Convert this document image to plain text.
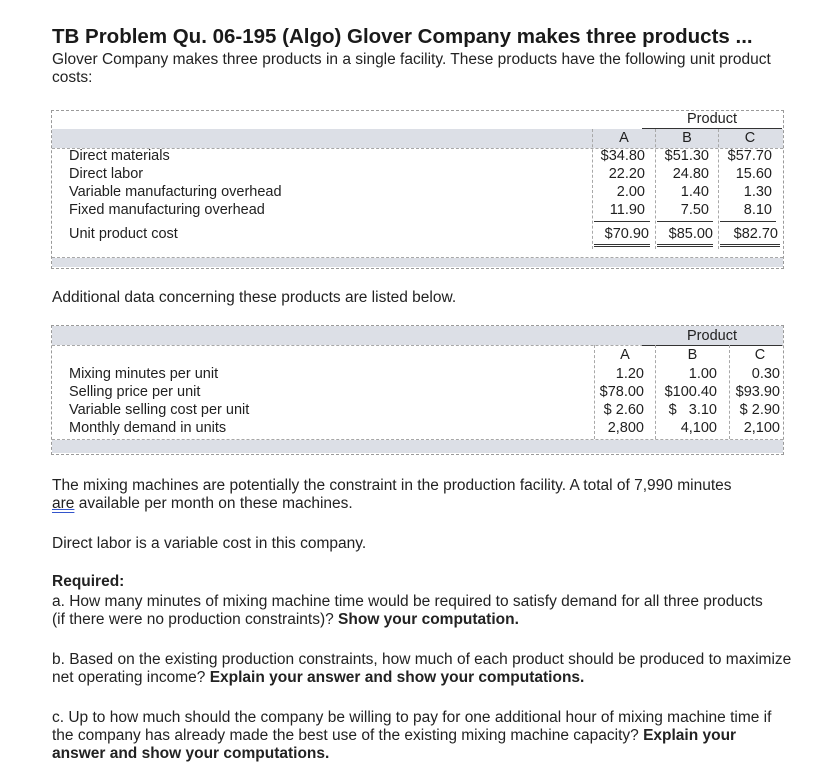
TB Problem Qu. 06-195 (Algo) Glover Company makes three products ...
Glover Company makes three products in a single facility. These products have the following unit product costs:
Product
A	B	C
Direct materials	$34.80	$51.30	$57.70
Direct labor	22.20	24.80	15.60
Variable manufacturing overhead	2.00	1.40	1.30
Fixed manufacturing overhead	11.90	7.50	8.10
Unit product cost	$70.90	$85.00	$82.70
Additional data concerning these products are listed below.
Product
A	B	C
Mixing minutes per unit	1.20	1.00	0.30
Selling price per unit	$78.00	$100.40	$93.90
Variable selling cost per unit	$ 2.60	$   3.10	$ 2.90
Monthly demand in units	2,800	4,100	2,100
The mixing machines are potentially the constraint in the production facility. A total of 7,990 minutes
are available per month on these machines.
Direct labor is a variable cost in this company.
Required:
a. How many minutes of mixing machine time would be required to satisfy demand for all three products (if there were no production constraints)? Show your computation.
b. Based on the existing production constraints, how much of each product should be produced to maximize net operating income? Explain your answer and show your computations.
c. Up to how much should the company be willing to pay for one additional hour of mixing machine time if the company has already made the best use of the existing mixing machine capacity? Explain your answer and show your computations.
